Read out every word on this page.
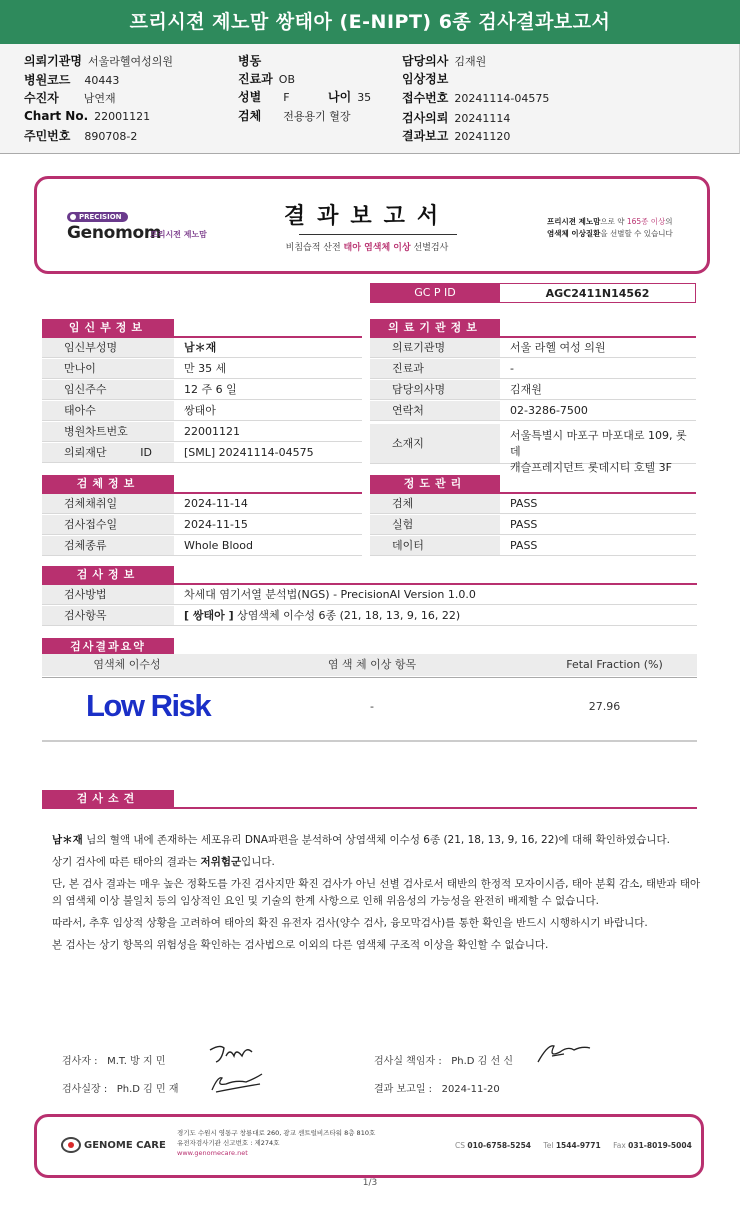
프리시젼 제노맘 쌍태아 (E-NIPT) 6종 검사결과보고서
의뢰기관명 서울라헬여성의원
병원코드 40443
수진자 남연재
Chart No. 22001121
주민번호 890708-2
병동
진료과 OB
성별 F	나이 35
검체 전용용기 혈장
담당의사 김재원
임상정보
접수번호 20241114-04575
검사의뢰 20241114
결과보고 20241120
PRECISION
Genomom
프리시젼 제노맘
결과보고서
비침습적 산전 태아 염색체 이상 선별검사
프리시젼 제노맘으로 약 165종 이상의
염색체 이상질환을 선별할 수 있습니다
GC P ID	AGC2411N14562
임신부정보
임신부성명	남＊재
만나이	만 35 세
임신주수	12 주 6 일
태아수	쌍태아
병원차트번호	22001121
의뢰재단 ID	[SML] 20241114-04575
의료기관정보
의료기관명	서울 라헬 여성 의원
진료과	-
담당의사명	김재원
연락처	02-3286-7500
소재지
서울특별시 마포구 마포대로 109, 롯데
캐슬프레지던트 롯데시티 호텔 3F
검체정보
검체채취일	2024-11-14
검사접수일	2024-11-15
검체종류	Whole Blood
정도관리
검체	PASS
실험	PASS
데이터	PASS
검사정보
검사방법	차세대 염기서열 분석법(NGS) - PrecisionAI Version 1.0.0
검사항목	[ 쌍태아 ] 상염색체 이수성 6종 (21, 18, 13, 9, 16, 22)
검사결과요약
염색체 이수성	염 색 체 이상 항목	Fetal Fraction (%)
Low Risk	-	27.96
검사소견

남＊재 님의 혈액 내에 존재하는 세포유리 DNA파편을 분석하여 상염색체 이수성 6종 (21, 18, 13, 9, 16, 22)에 대해 확인하였습니다.

상기 검사에 따른 태아의 결과는 저위험군입니다.

단, 본 검사 결과는 매우 높은 정확도를 가진 검사지만 확진 검사가 아닌 선별 검사로서 태반의 한정적 모자이시즘, 태아 분획 감소, 태반과 태아의 염색체 이상 불일치 등의 임상적인 요인 및 기술의 한계 사항으로 인해 위음성의 가능성을 완전히 배제할 수 없습니다.

따라서, 추후 임상적 상황을 고려하여 태아의 확진 유전자 검사(양수 검사, 융모막검사)를 통한 확인을 반드시 시행하시기 바랍니다.

본 검사는 상기 항목의 위험성을 확인하는 검사법으로 이외의 다른 염색체 구조적 이상을 확인할 수 없습니다.

검사자 : M.T. 방 지 민
검사실장 : Ph.D 김 민 재
검사실 책임자 : Ph.D 김 선 신
결과 보고일 : 2024-11-20
GENOME CARE
경기도 수원시 영통구 창룡대로 260, 광교 센트럴비즈타워 8층 810호
유전자검사기관 신고번호 : 제274호
www.genomecare.net
CS 010-6758-5254 Tel 1544-9771 Fax 031-8019-5004
1/3
